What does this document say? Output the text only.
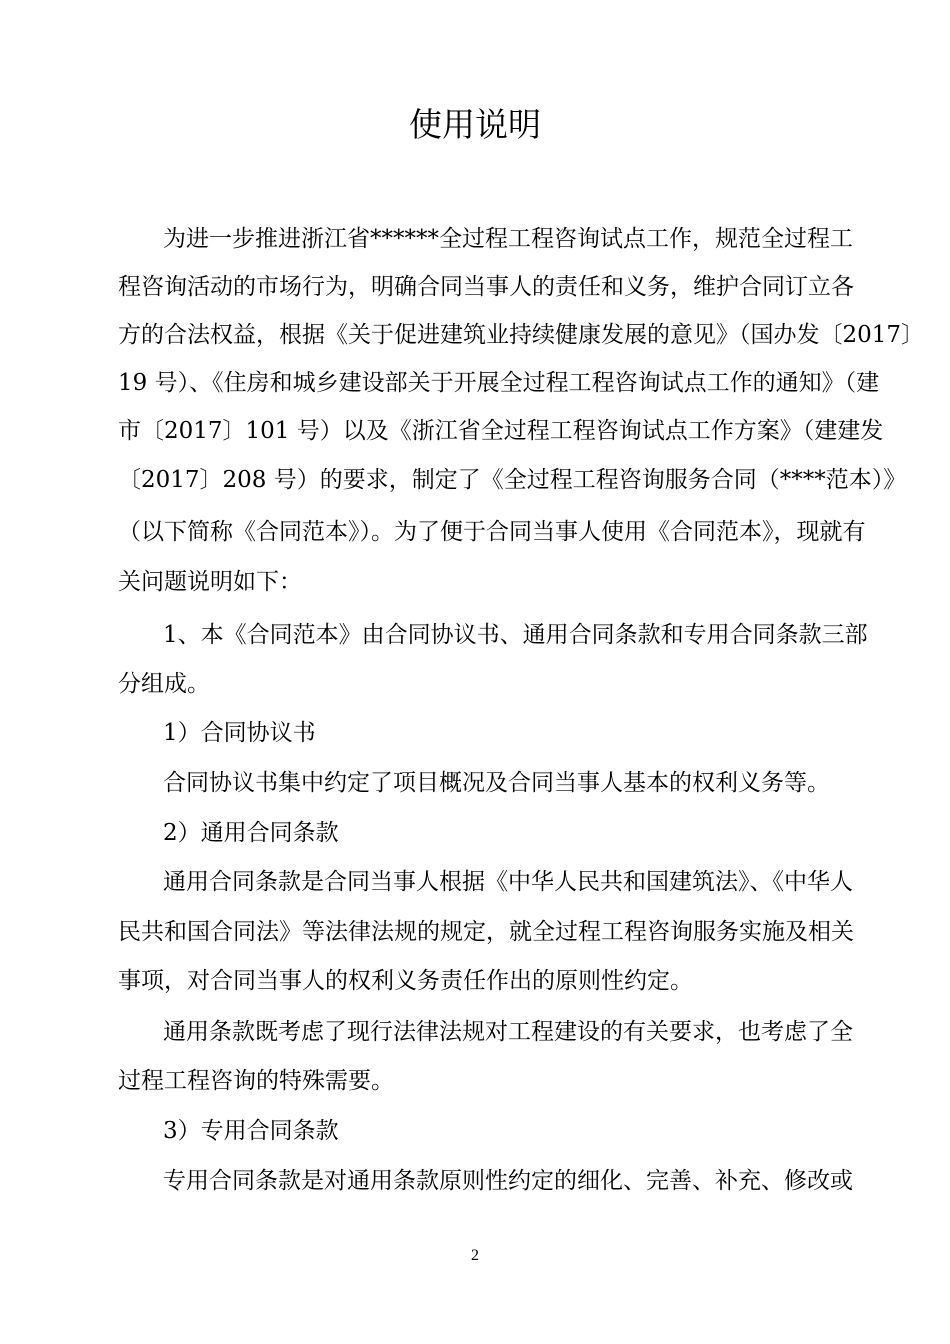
使用说明
为进一步推进浙江省******全过程工程咨询试点工作，规范全过程工
程咨询活动的市场行为，明确合同当事人的责任和义务，维护合同订立各
方的合法权益，根据《关于促进建筑业持续健康发展的意见》（国办发〔2017〕
19 号）、《住房和城乡建设部关于开展全过程工程咨询试点工作的通知》（建
市〔2017〕101 号）以及《浙江省全过程工程咨询试点工作方案》（建建发
〔2017〕208 号）的要求，制定了《全过程工程咨询服务合同（****范本）》
（以下简称《合同范本》）。为了便于合同当事人使用《合同范本》，现就有
关问题说明如下：
1、本《合同范本》由合同协议书、通用合同条款和专用合同条款三部
分组成。
1）合同协议书
合同协议书集中约定了项目概况及合同当事人基本的权利义务等。
2）通用合同条款
通用合同条款是合同当事人根据《中华人民共和国建筑法》、《中华人
民共和国合同法》等法律法规的规定，就全过程工程咨询服务实施及相关
事项，对合同当事人的权利义务责任作出的原则性约定。
通用条款既考虑了现行法律法规对工程建设的有关要求，也考虑了全
过程工程咨询的特殊需要。
3）专用合同条款
专用合同条款是对通用条款原则性约定的细化、完善、补充、修改或
2
